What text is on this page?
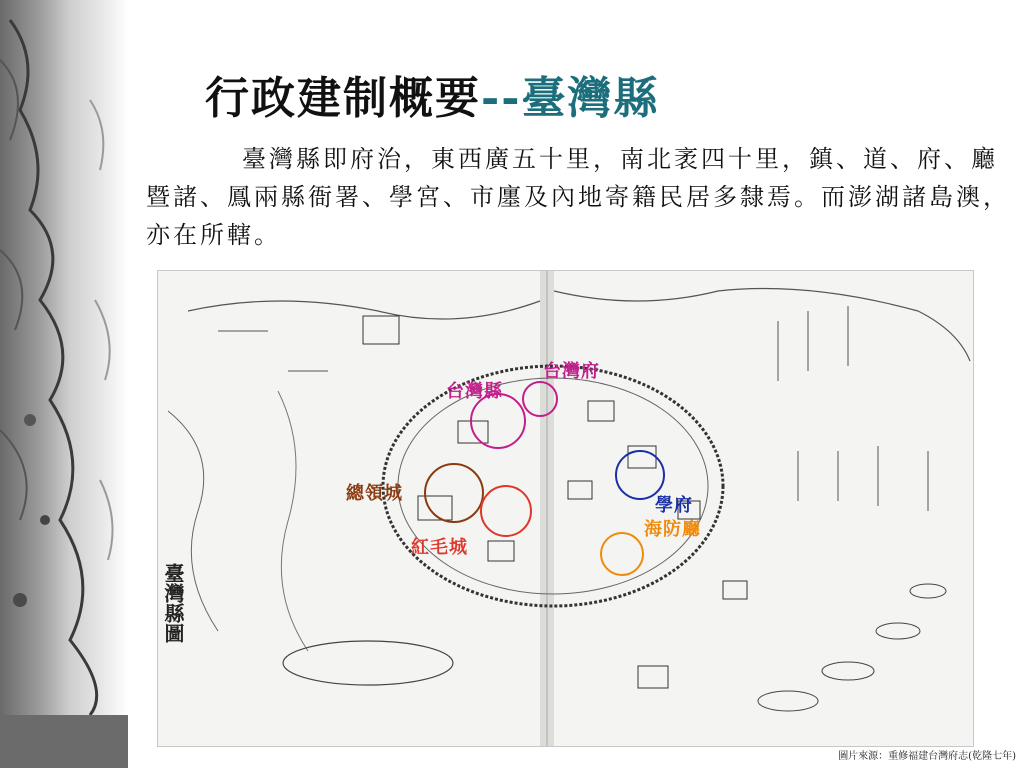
行政建制概要--臺灣縣

臺灣縣即府治，東西廣五十里，南北袤四十里，鎮、道、府、廳暨諸、鳳兩縣衙署、學宮、市廛及內地寄籍民居多隸焉。而澎湖諸島澳，亦在所轄。

台灣府
台灣縣
總領城
紅毛城
學府
海防廳
臺灣縣圖
圖片來源：重修福建台灣府志(乾隆七年)
